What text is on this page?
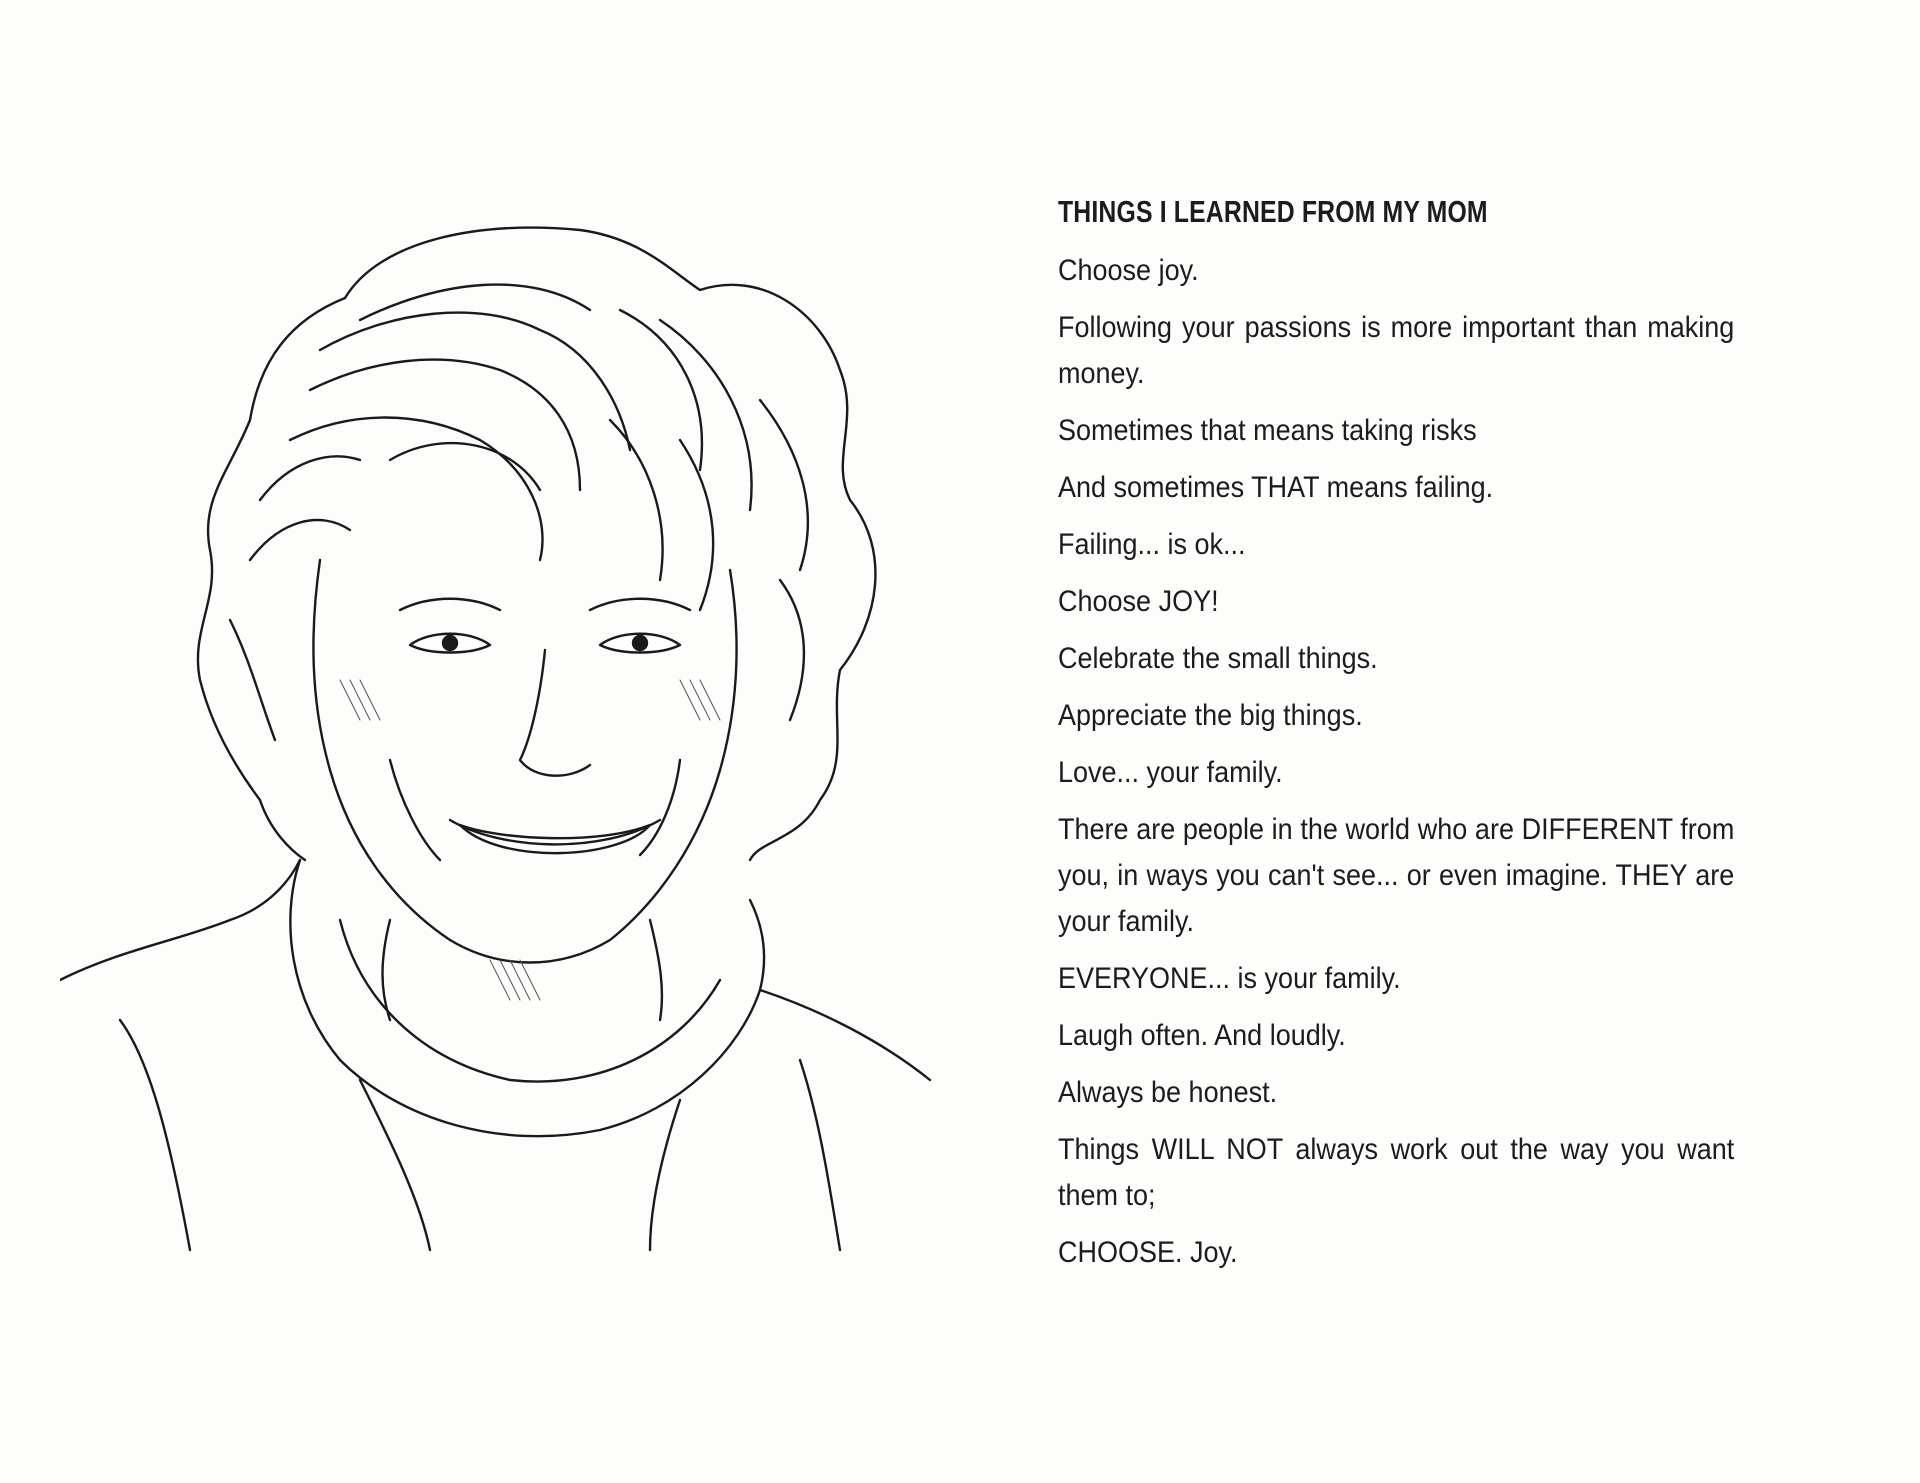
THINGS I LEARNED FROM MY MOM
Choose joy.
Following your passions is more important than making money.
Sometimes that means taking risks
And sometimes THAT means failing.
Failing... is ok...
Choose JOY!
Celebrate the small things.
Appreciate the big things.
Love... your family.
There are people in the world who are DIFFERENT from you, in ways you can't see... or even imagine. THEY are your family.
EVERYONE... is your family.
Laugh often. And loudly.
Always be honest.
Things WILL NOT always work out the way you want them to;
CHOOSE. Joy.
